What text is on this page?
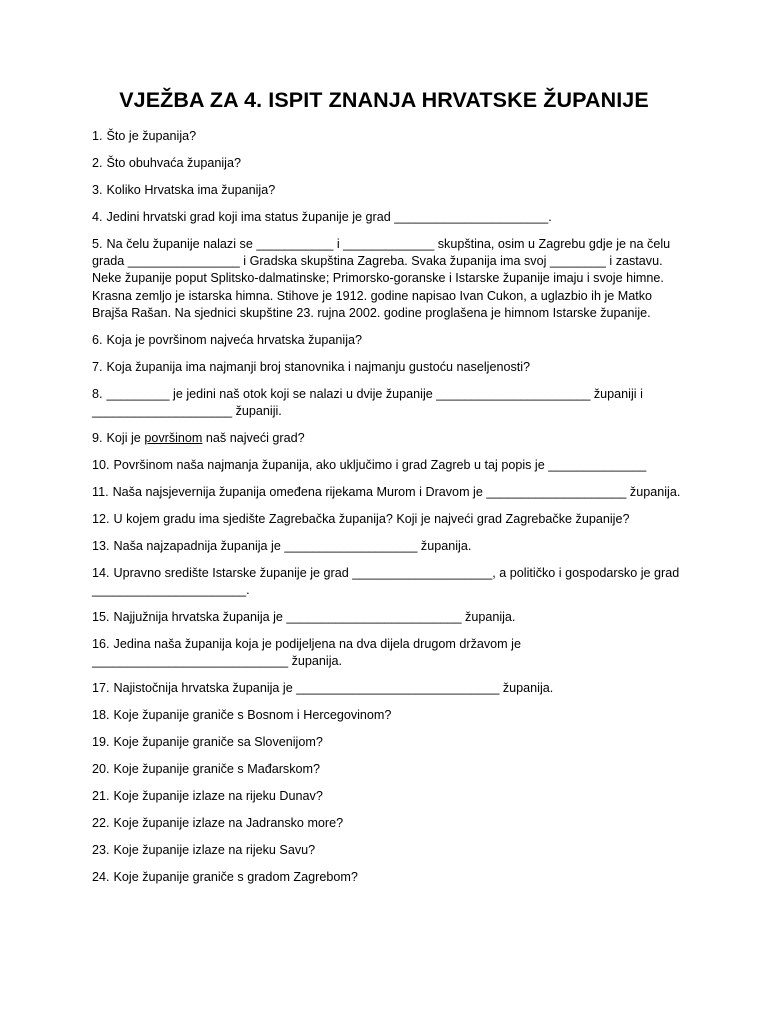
VJEŽBA ZA 4. ISPIT ZNANJA HRVATSKE ŽUPANIJE

1. Što je županija?

2. Što obuhvaća županija?

3. Koliko Hrvatska ima županija?

4. Jedini hrvatski grad koji ima status županije je grad ______________________.

5. Na čelu županije nalazi se ___________ i _____________ skupština, osim u Zagrebu gdje je na čelu grada ________________ i Gradska skupština Zagreba. Svaka županija ima svoj ________ i zastavu. Neke županije poput Splitsko-dalmatinske; Primorsko-goranske i Istarske županije imaju i svoje himne. Krasna zemljo je istarska himna. Stihove je 1912. godine napisao Ivan Cukon, a uglazbio ih je Matko Brajša Rašan. Na sjednici skupštine 23. rujna 2002. godine proglašena je himnom Istarske županije.

6. Koja je površinom najveća hrvatska županija?

7. Koja županija ima najmanji broj stanovnika i najmanju gustoću naseljenosti?

8. _________ je jedini naš otok koji se nalazi u dvije županije ______________________ županiji i ____________________ županiji.

9. Koji je površinom naš najveći grad?

10. Površinom naša najmanja županija, ako uključimo i grad Zagreb u taj popis je ______________

11. Naša najsjevernija županija omeđena rijekama Murom i Dravom je ____________________ županija.

12. U kojem gradu ima sjedište Zagrebačka županija? Koji je najveći grad Zagrebačke županije?

13. Naša najzapadnija županija je ___________________ županija.

14. Upravno središte Istarske županije je grad ____________________, a političko i gospodarsko je grad ______________________.

15. Najjužnija hrvatska županija je _________________________ županija.

16. Jedina naša županija koja je podijeljena na dva dijela drugom državom je ____________________________ županija.

17. Najistočnija hrvatska županija je _____________________________ županija.

18. Koje županije graniče s Bosnom i Hercegovinom?

19. Koje županije graniče sa Slovenijom?

20. Koje županije graniče s Mađarskom?

21. Koje županije izlaze na rijeku Dunav?

22. Koje županije izlaze na Jadransko more?

23. Koje županije izlaze na rijeku Savu?

24. Koje županije graniče s gradom Zagrebom?
